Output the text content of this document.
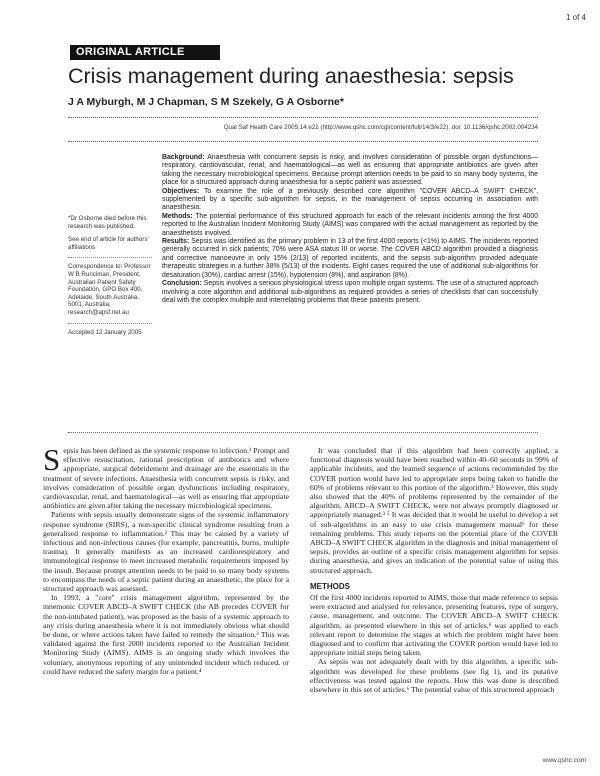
1 of 4
ORIGINAL ARTICLE
Crisis management during anaesthesia: sepsis
J A Myburgh, M J Chapman, S M Szekely, G A Osborne*
Qual Saf Health Care 2005;14:e22 (http://www.qshc.com/cgi/content/full/14/3/e22). doi: 10.1136/qshc.2002.004234

*Dr Osborne died before this research was published.

See end of article for authors' affiliations

Correspondence to: Professor W B Runciman, President, Australian Patient Safety Foundation, GPO Box 400, Adelaide, South Australia, 5001, Australia; research@apsf.net.au

Accepted 12 January 2005

Background: Anaesthesia with concurrent sepsis is risky, and involves consideration of possible organ dysfunctions—respiratory, cardiovascular, renal, and haematological—as well as ensuring that appropriate antibiotics are given after taking the necessary microbiological specimens. Because prompt attention needs to be paid to so many body systems, the place for a structured approach during anaesthesia for a septic patient was assessed.

Objectives: To examine the role of a previously described core algorithm "COVER ABCD–A SWIFT CHECK", supplemented by a specific sub-algorithm for sepsis, in the management of sepsis occurring in association with anaesthesia.

Methods: The potential performance of this structured approach for each of the relevant incidents among the first 4000 reported to the Australian Incident Monitoring Study (AIMS) was compared with the actual management as reported by the anaesthetists involved.

Results: Sepsis was identified as the primary problem in 13 of the first 4000 reports (<1%) to AIMS. The incidents reported generally occurred in sick patients; 70% were ASA status III or worse. The COVER ABCD algorithm provided a diagnosis and corrective manoeuvre in only 15% (2/13) of reported incidents, and the sepsis sub-algorithm provided adequate therapeutic strategies in a further 38% (5/13) of the incidents. Eight cases required the use of additional sub-algorithms for desaturation (30%), cardiac arrest (15%), hypotension (8%), and aspiration (8%).

Conclusion: Sepsis involves a serious physiological stress upon multiple organ systems. The use of a structured approach involving a core algorithm and additional sub-algorithms as required provides a series of checklists that can successfully deal with the complex multiple and interrelating problems that these patients present.

Sepsis has been defined as the systemic response to infection.¹ Prompt and effective resuscitation, rational prescription of antibiotics and where appropriate, surgical debridement and drainage are the essentials in the treatment of severe infections. Anaesthesia with concurrent sepsis is risky, and involves consideration of possible organ dysfunctions including respiratory, cardiovascular, renal, and haematological—as well as ensuring that appropriate antibiotics are given after taking the necessary microbiological specimens.

Patients with sepsis usually demonstrate signs of the systemic inflammatory response syndrome (SIRS), a non-specific clinical syndrome resulting from a generalised response to inflammation.² This may be caused by a variety of infectious and non-infectious causes (for example, pancreatitis, burns, multiple trauma). It generally manifests as an increased cardiorespiratory and immunological response to meet increased metabolic requirements imposed by the insult. Because prompt attention needs to be paid to so many body systems to encompass the needs of a septic patient during an anaesthetic, the place for a structured approach was assessed.

In 1993, a "core" crisis management algorithm, represented by the mnemonic COVER ABCD–A SWIFT CHECK (the AB precedes COVER for the non-intubated patient), was proposed as the basis of a systemic approach to any crisis during anaesthesia where it is not immediately obvious what should be done, or where actions taken have failed to remedy the situation.³ This was validated against the first 2000 incidents reported to the Australian Incident Monitoring Study (AIMS). AIMS is an ongoing study which involves the voluntary, anonymous reporting of any unintended incident which reduced, or could have reduced the safety margin for a patient.⁴

It was concluded that if this algorithm had been correctly applied, a functional diagnosis would have been reached within 40–60 seconds in 99% of applicable incidents, and the learned sequence of actions recommended by the COVER portion would have led to appropriate steps being taken to handle the 60% of problems relevant to this portion of the algorithm.³ However, this study also showed that the 40% of problems represented by the remainder of the algorithm, ABCD–A SWIFT CHECK, were not always promptly diagnosed or appropriately managed.³ ⁵ It was decided that it would be useful to develop a set of sub-algorithms in an easy to use crisis management manual⁶ for these remaining problems. This study reports on the potential place of the COVER ABCD–A SWIFT CHECK algorithm in the diagnosis and initial management of sepsis, provides an outline of a specific crisis management algorithm for sepsis during anaesthesia, and gives an indication of the potential value of using this structured approach.

METHODS

Of the first 4000 incidents reported to AIMS, those that made reference to sepsis were extracted and analysed for relevance, presenting features, type of surgery, cause, management, and outcome. The COVER ABCD–A SWIFT CHECK algorithm, as presented elsewhere in this set of articles,⁶ was applied to each relevant report to determine the stages at which the problem might have been diagnosed and to confirm that activating the COVER portion would have led to appropriate initial steps being taken.

As sepsis was not adequately dealt with by this algorithm, a specific sub-algorithm was developed for these problems (see fig 1), and its putative effectiveness was tested against the reports. How this was done is described elsewhere in this set of articles.⁶ The potential value of this structured approach

www.qshc.com
